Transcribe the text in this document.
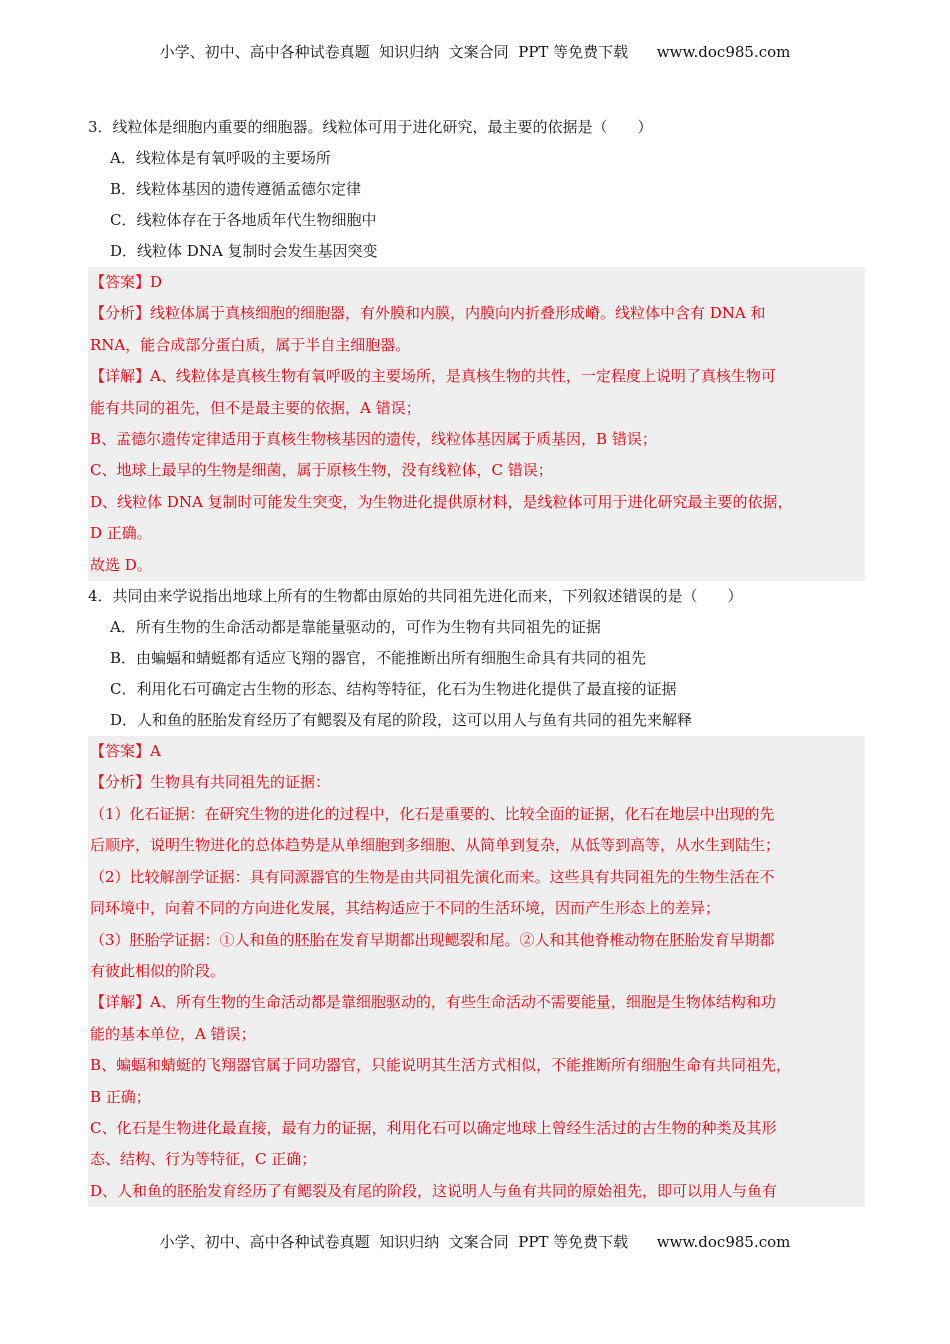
小学、初中、高中各种试卷真题  知识归纳  文案合同  PPT 等免费下载      www.doc985.com
3．线粒体是细胞内重要的细胞器。线粒体可用于进化研究，最主要的依据是（　　）
A．线粒体是有氧呼吸的主要场所
B．线粒体基因的遗传遵循孟德尔定律
C．线粒体存在于各地质年代生物细胞中
D．线粒体 DNA 复制时会发生基因突变
【答案】D
【分析】线粒体属于真核细胞的细胞器，有外膜和内膜，内膜向内折叠形成嵴。线粒体中含有 DNA 和
RNA，能合成部分蛋白质，属于半自主细胞器。
【详解】A、线粒体是真核生物有氧呼吸的主要场所，是真核生物的共性，一定程度上说明了真核生物可
能有共同的祖先，但不是最主要的依据，A 错误；
B、孟德尔遗传定律适用于真核生物核基因的遗传，线粒体基因属于质基因，B 错误；
C、地球上最早的生物是细菌，属于原核生物，没有线粒体，C 错误；
D、线粒体 DNA 复制时可能发生突变，为生物进化提供原材料，是线粒体可用于进化研究最主要的依据，
D 正确。
故选 D。
4．共同由来学说指出地球上所有的生物都由原始的共同祖先进化而来，下列叙述错误的是（　　）
A．所有生物的生命活动都是靠能量驱动的，可作为生物有共同祖先的证据
B．由蝙蝠和蜻蜓都有适应飞翔的器官，不能推断出所有细胞生命具有共同的祖先
C．利用化石可确定古生物的形态、结构等特征，化石为生物进化提供了最直接的证据
D．人和鱼的胚胎发育经历了有鳃裂及有尾的阶段，这可以用人与鱼有共同的祖先来解释
【答案】A
【分析】生物具有共同祖先的证据：
（1）化石证据：在研究生物的进化的过程中，化石是重要的、比较全面的证据，化石在地层中出现的先
后顺序，说明生物进化的总体趋势是从单细胞到多细胞、从简单到复杂，从低等到高等，从水生到陆生；
（2）比较解剖学证据：具有同源器官的生物是由共同祖先演化而来。这些具有共同祖先的生物生活在不
同环境中，向着不同的方向进化发展，其结构适应于不同的生活环境，因而产生形态上的差异；
（3）胚胎学证据：①人和鱼的胚胎在发育早期都出现鳃裂和尾。②人和其他脊椎动物在胚胎发育早期都
有彼此相似的阶段。
【详解】A、所有生物的生命活动都是靠细胞驱动的，有些生命活动不需要能量，细胞是生物体结构和功
能的基本单位，A 错误；
B、蝙蝠和蜻蜓的飞翔器官属于同功器官，只能说明其生活方式相似，不能推断所有细胞生命有共同祖先，
B 正确；
C、化石是生物进化最直接，最有力的证据，利用化石可以确定地球上曾经生活过的古生物的种类及其形
态、结构、行为等特征，C 正确；
D、人和鱼的胚胎发育经历了有鳃裂及有尾的阶段，这说明人与鱼有共同的原始祖先，即可以用人与鱼有
小学、初中、高中各种试卷真题  知识归纳  文案合同  PPT 等免费下载      www.doc985.com
